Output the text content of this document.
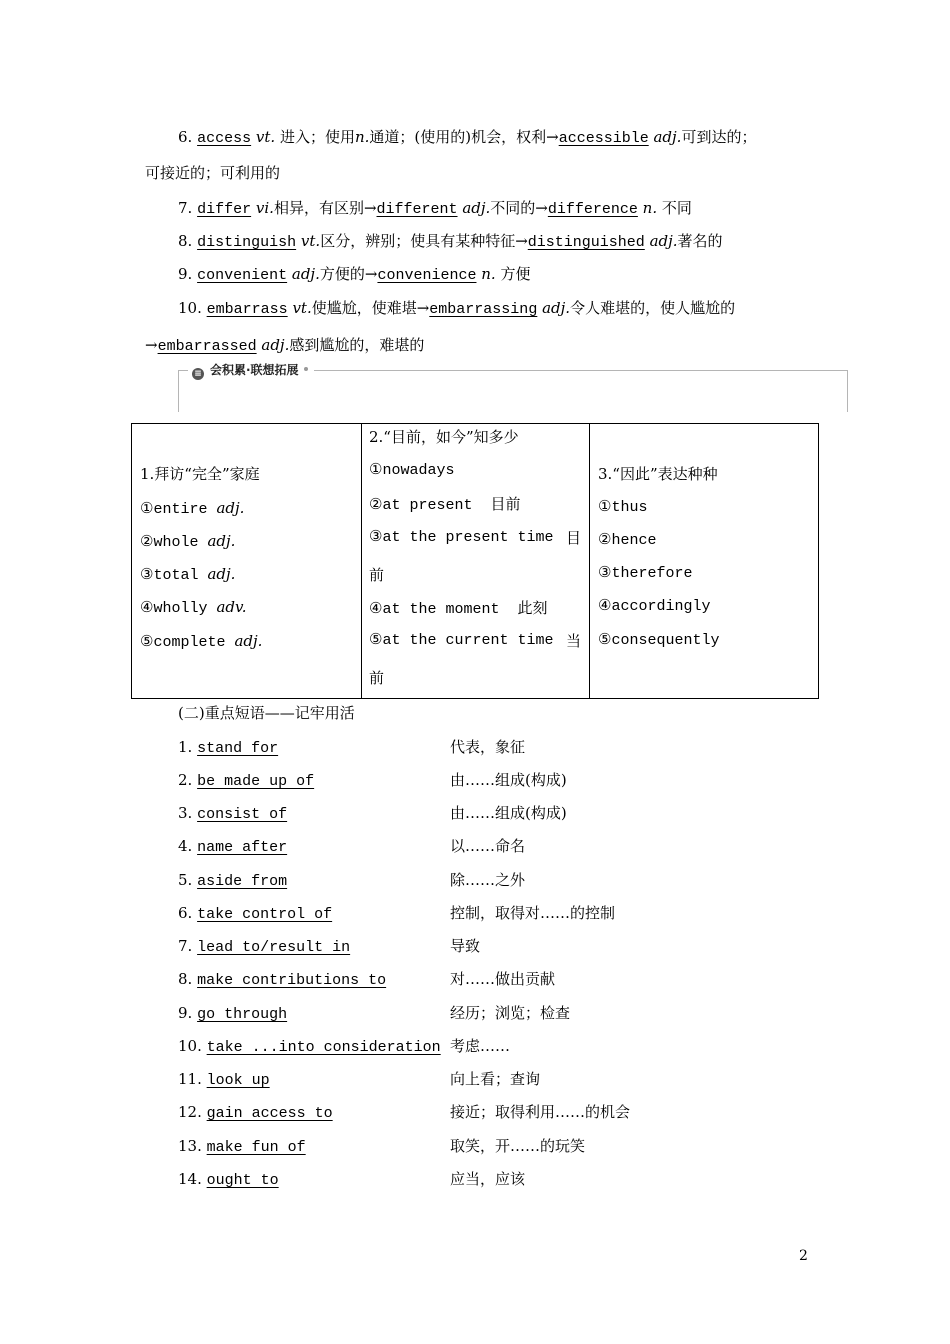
6. access vt. 进入；使用n.通道；(使用的)机会，权利→accessible adj.可到达的；
可接近的；可利用的
7. differ vi.相异，有区别→different adj.不同的→difference n. 不同
8. distinguish vt.区分，辨别；使具有某种特征→distinguished adj.著名的
9. convenient adj.方便的→convenience n. 方便
10. embarrass vt.使尴尬，使难堪→embarrassing adj.令人难堪的，使人尴尬的
→embarrassed adj.感到尴尬的，难堪的
≡ 会积累·联想拓展
1.拜访“完全”家庭
①entire adj.
②whole adj.
③total adj.
④wholly adv.
⑤complete adj.
2.“目前，如今”知多少
①nowadays
②at present 目前
③at the present time 目
前
④at the moment 此刻
⑤at the current time 当
前
3.“因此”表达种种
①thus
②hence
③therefore
④accordingly
⑤consequently
(二)重点短语——记牢用活
1. stand for	代表，象征
2. be made up of	由……组成(构成)
3. consist of	由……组成(构成)
4. name after	以……命名
5. aside from	除……之外
6. take control of	控制，取得对……的控制
7. lead to/result in	导致
8. make contributions to	对……做出贡献
9. go through	经历；浏览；检查
10. take ...into consideration 考虑……
11. look up	向上看；查询
12. gain access to	接近；取得利用……的机会
13. make fun of	取笑，开……的玩笑
14. ought to	应当，应该
2
